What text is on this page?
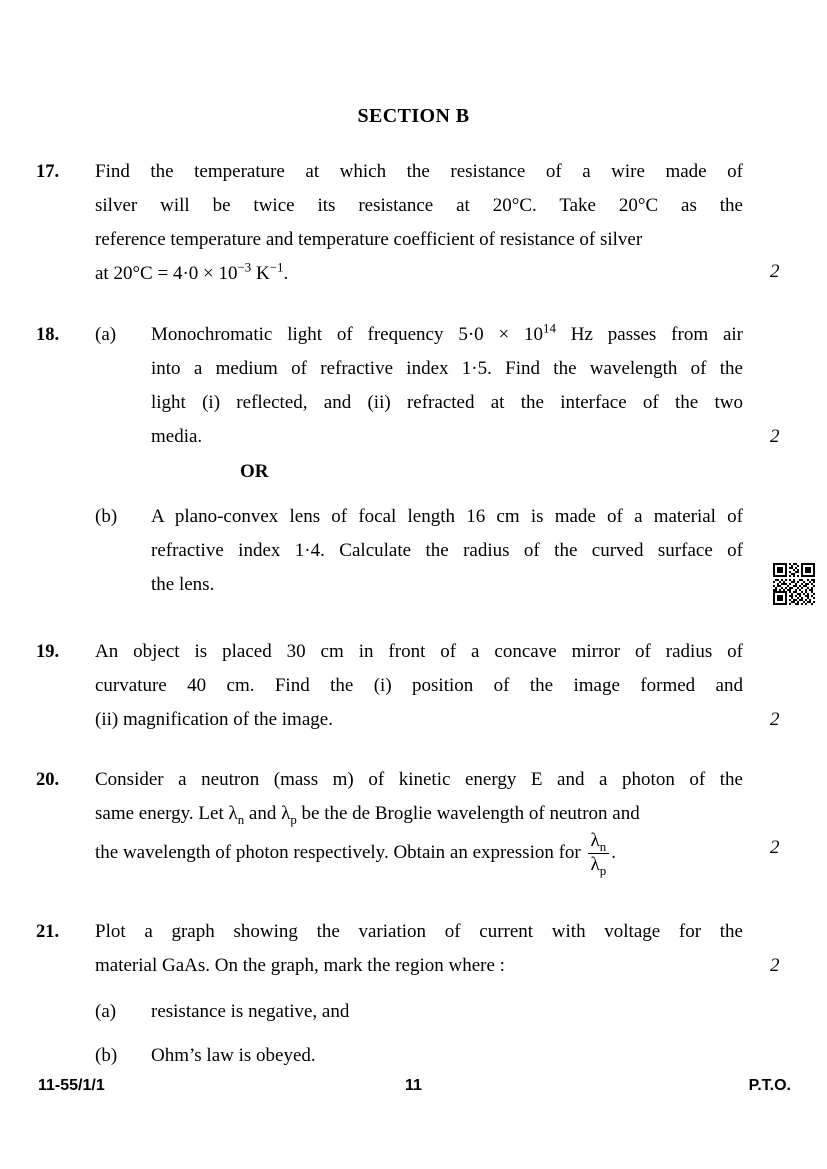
SECTION B
17.	Find the temperature at which the resistance of a wire made of
silver will be twice its resistance at 20°C. Take 20°C as the
reference temperature and temperature coefficient of resistance of silver
at $20^\circ C = 4\cdot 0 \times 10^{-3}$ $K^{-1}$.	2
18.	(a)	Monochromatic light of frequency $5\cdot 0 \times 10^{14}$ Hz passes from air
into a medium of refractive index 1·5. Find the wavelength of the
light (i) reflected, and (ii) refracted at the interface of the two
media.	2
OR
(b)	A plano-convex lens of focal length 16 cm is made of a material of
refractive index 1·4. Calculate the radius of the curved surface of
the lens.
19.	An object is placed 30 cm in front of a concave mirror of radius of
curvature 40 cm. Find the (i) position of the image formed and
(ii) magnification of the image.	2
20.	Consider a neutron (mass m) of kinetic energy E and a photon of the
same energy. Let $\lambda_n$ and $\lambda_p$ be the de Broglie wavelength of neutron and
the wavelength of photon respectively. Obtain an expression for $\frac{\lambda_n}{\lambda_p}$ .	2
21.	Plot a graph showing the variation of current with voltage for the
material GaAs. On the graph, mark the region where :	2
(a)	resistance is negative, and
(b)	Ohm’s law is obeyed.
11-55/1/1	11	P.T.O.
